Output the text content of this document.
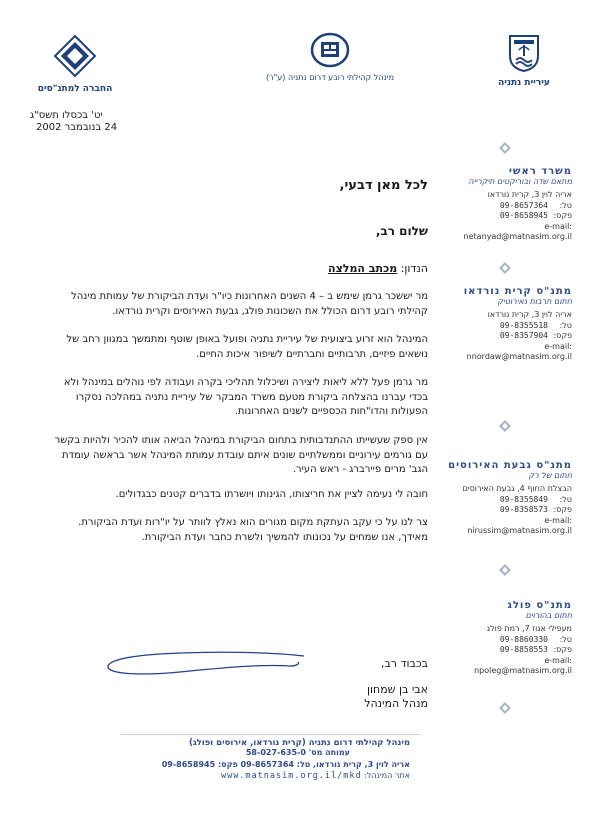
החברה למתנ"סים
מינהל קהילתי רובע דרום נתניה (ע"ר)
עיריית נתניה
יט' בכסלו תשס"ג
24 בנובמבר 2002
לכל מאן דבעי,
שלום רב,
הנדון: מכתב המלצה
מר יששכר גרמן שימש ב – 4 השנים האחרונות כיו"ר ועדת הביקורת של עמותת מינהל קהילתי רובע דרום הכולל את השכונות פולג, גבעת האירוסים וקרית נורדאו.
המינהל הוא זרוע ביצועית של עיריית נתניה ופועל באופן שוטף ומתמשך במגוון רחב של נושאים פיזיים, תרבותיים וחברתיים לשיפור איכות החיים.
מר גרמן פעל ללא ליאות ליצירה ושיכלול תהליכי בקרה ועבודה לפי נוהלים במינהל ולא בכדי עברנו בהצלחה ביקורת מטעם משרד המבקר של עיריית נתניה במהלכה נסקרו הפעולות והדו"חות הכספיים לשנים האחרונות.
אין ספק שעשייתו ההתנדבותית בתחום הביקורת במינהל הביאה אותו להכיר ולהיות בקשר עם גורמים עירוניים וממשלתיים שונים איתם עובדת עמותת המינהל אשר בראשה עומדת הגב' מרים פיירברג - ראש העיר.
חובה לי נעימה לציין את חריצותו, הגינותו ויושרתו בדברים קטנים כבגדולים.
צר לנו על כי עקב העתקת מקום מגורים הוא נאלץ לוותר על יו"רות ועדת הביקורת. מאידך, אנו שמחים על נכונותו להמשיך ולשרת כחבר ועדת הביקורת.
בכבוד רב,
אבי בן שמחון
מנהל המינהל
משרד ראשי
מתאם שדה ובוריקטים תיקרייה
אריה לוין 3, קרית נורדאו
טל:09-8657364
פקס:09-8658945
e-mail:
netanyad@matnasim.org.il
מתנ"ס קרית נורדאו
חתום תרבות נאירוטיק
אריה לוין 3, קרית נורדאו
טל:09-8355518
פקס:09-8357904
e-mail:
nnordaw@matnasim.org.il
מתנ"ס גבעת האירוסים
חתום של רק
הבצלת החוף 4, גבעת האירוסים
טל:09-8355849
פקס:09-8358573
e-mail:
nirussim@matnasim.org.il
מתנ"ס פולג
חתום בהורוים
מעפילי אגוז 7, רמת פולג
טל:09-8860330
פקס:09-8858553
e-mail:
npoleg@matnasim.org.il
מינהל קהילתי דרום נתניה (קרית נורדאו, אירוסים ופולג)
עמותה מס' 58-027-635-0
אריה לוין 3, קרית נורדאו, טל: 09-8657364 פקס: 09-8658945
אתר המינהל: www.matnasim.org.il/mkd
